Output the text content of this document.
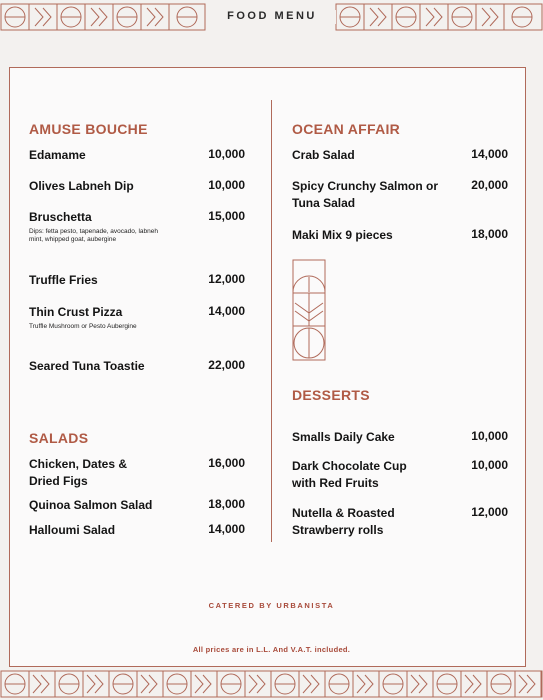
FOOD MENU
AMUSE BOUCHE
Edamame	10,000
Olives Labneh Dip	10,000
Bruschetta	15,000
Dips: fetta pesto, tapenade, avocado, labneh mint, whipped goat, aubergine
Truffle Fries	12,000
Thin Crust Pizza	14,000
Truffle Mushroom or Pesto Aubergine
Seared Tuna Toastie	22,000
SALADS
Chicken, Dates & Dried Figs
16,000
Quinoa Salmon Salad	18,000
Halloumi Salad	14,000
OCEAN AFFAIR
Crab Salad	14,000
Spicy Crunchy Salmon or Tuna Salad
20,000
Maki Mix 9 pieces	18,000
DESSERTS
Smalls Daily Cake	10,000
Dark Chocolate Cup with Red Fruits
10,000
Nutella & Roasted Strawberry rolls
12,000
CATERED BY URBANISTA
All prices are in L.L. And V.A.T. included.
